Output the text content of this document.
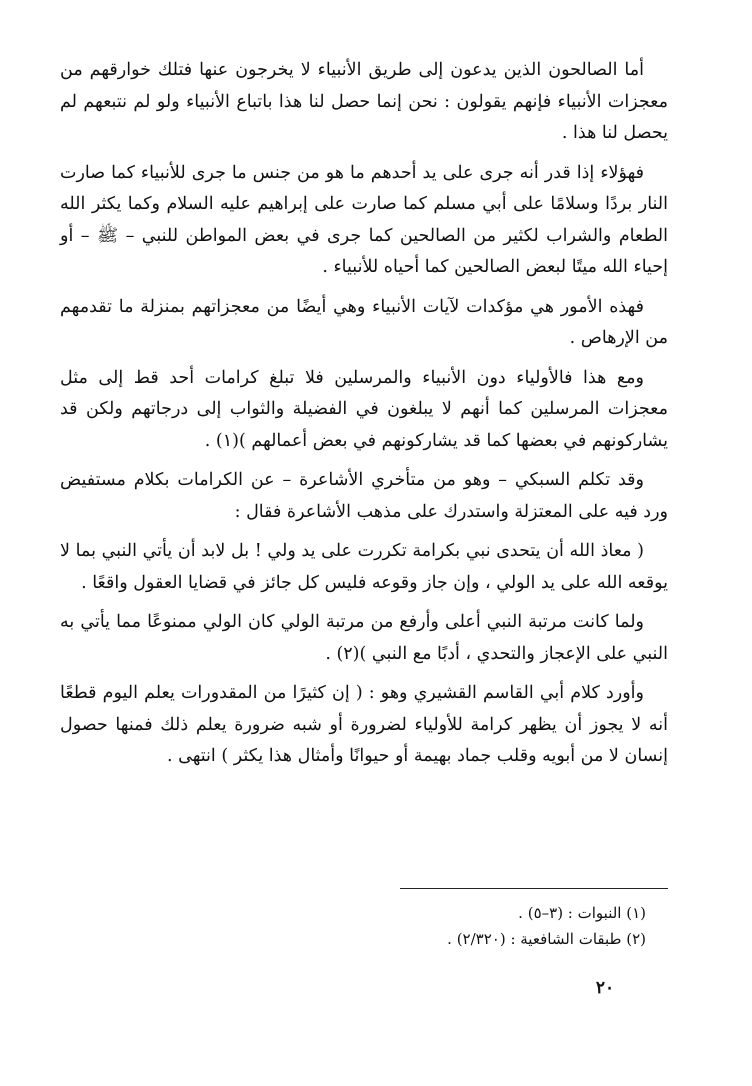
أما الصالحون الذين يدعون إلى طريق الأنبياء لا يخرجون عنها فتلك خوارقهم من معجزات الأنبياء فإنهم يقولون : نحن إنما حصل لنا هذا باتباع الأنبياء ولو لم نتبعهم لم يحصل لنا هذا .

فهؤلاء إذا قدر أنه جرى على يد أحدهم ما هو من جنس ما جرى للأنبياء كما صارت النار بردًا وسلامًا على أبي مسلم كما صارت على إبراهيم عليه السلام وكما يكثر الله الطعام والشراب لكثير من الصالحين كما جرى في بعض المواطن للنبي – ﷺ – أو إحياء الله ميتًا لبعض الصالحين كما أحياه للأنبياء .

فهذه الأمور هي مؤكدات لآيات الأنبياء وهي أيضًا من معجزاتهم بمنزلة ما تقدمهم من الإرهاص .

ومع هذا فالأولياء دون الأنبياء والمرسلين فلا تبلغ كرامات أحد قط إلى مثل معجزات المرسلين كما أنهم لا يبلغون في الفضيلة والثواب إلى درجاتهم ولكن قد يشاركونهم في بعضها كما قد يشاركونهم في بعض أعمالهم )(١) .

وقد تكلم السبكي – وهو من متأخري الأشاعرة – عن الكرامات بكلام مستفيض ورد فيه على المعتزلة واستدرك على مذهب الأشاعرة فقال :

( معاذ الله أن يتحدى نبي بكرامة تكررت على يد ولي ! بل لابد أن يأتي النبي بما لا يوقعه الله على يد الولي ، وإن جاز وقوعه فليس كل جائز في قضايا العقول واقعًا .

ولما كانت مرتبة النبي أعلى وأرفع من مرتبة الولي كان الولي ممنوعًا مما يأتي به النبي على الإعجاز والتحدي ، أدبًا مع النبي )(٢) .

وأورد كلام أبي القاسم القشيري وهو : ( إن كثيرًا من المقدورات يعلم اليوم قطعًا أنه لا يجوز أن يظهر كرامة للأولياء لضرورة أو شبه ضرورة يعلم ذلك فمنها حصول إنسان لا من أبويه وقلب جماد بهيمة أو حيوانًا وأمثال هذا يكثر ) انتهى .

(١) النبوات : (٣–٥) .
(٢) طبقات الشافعية : (٢/٣٢٠) .
٢٠
